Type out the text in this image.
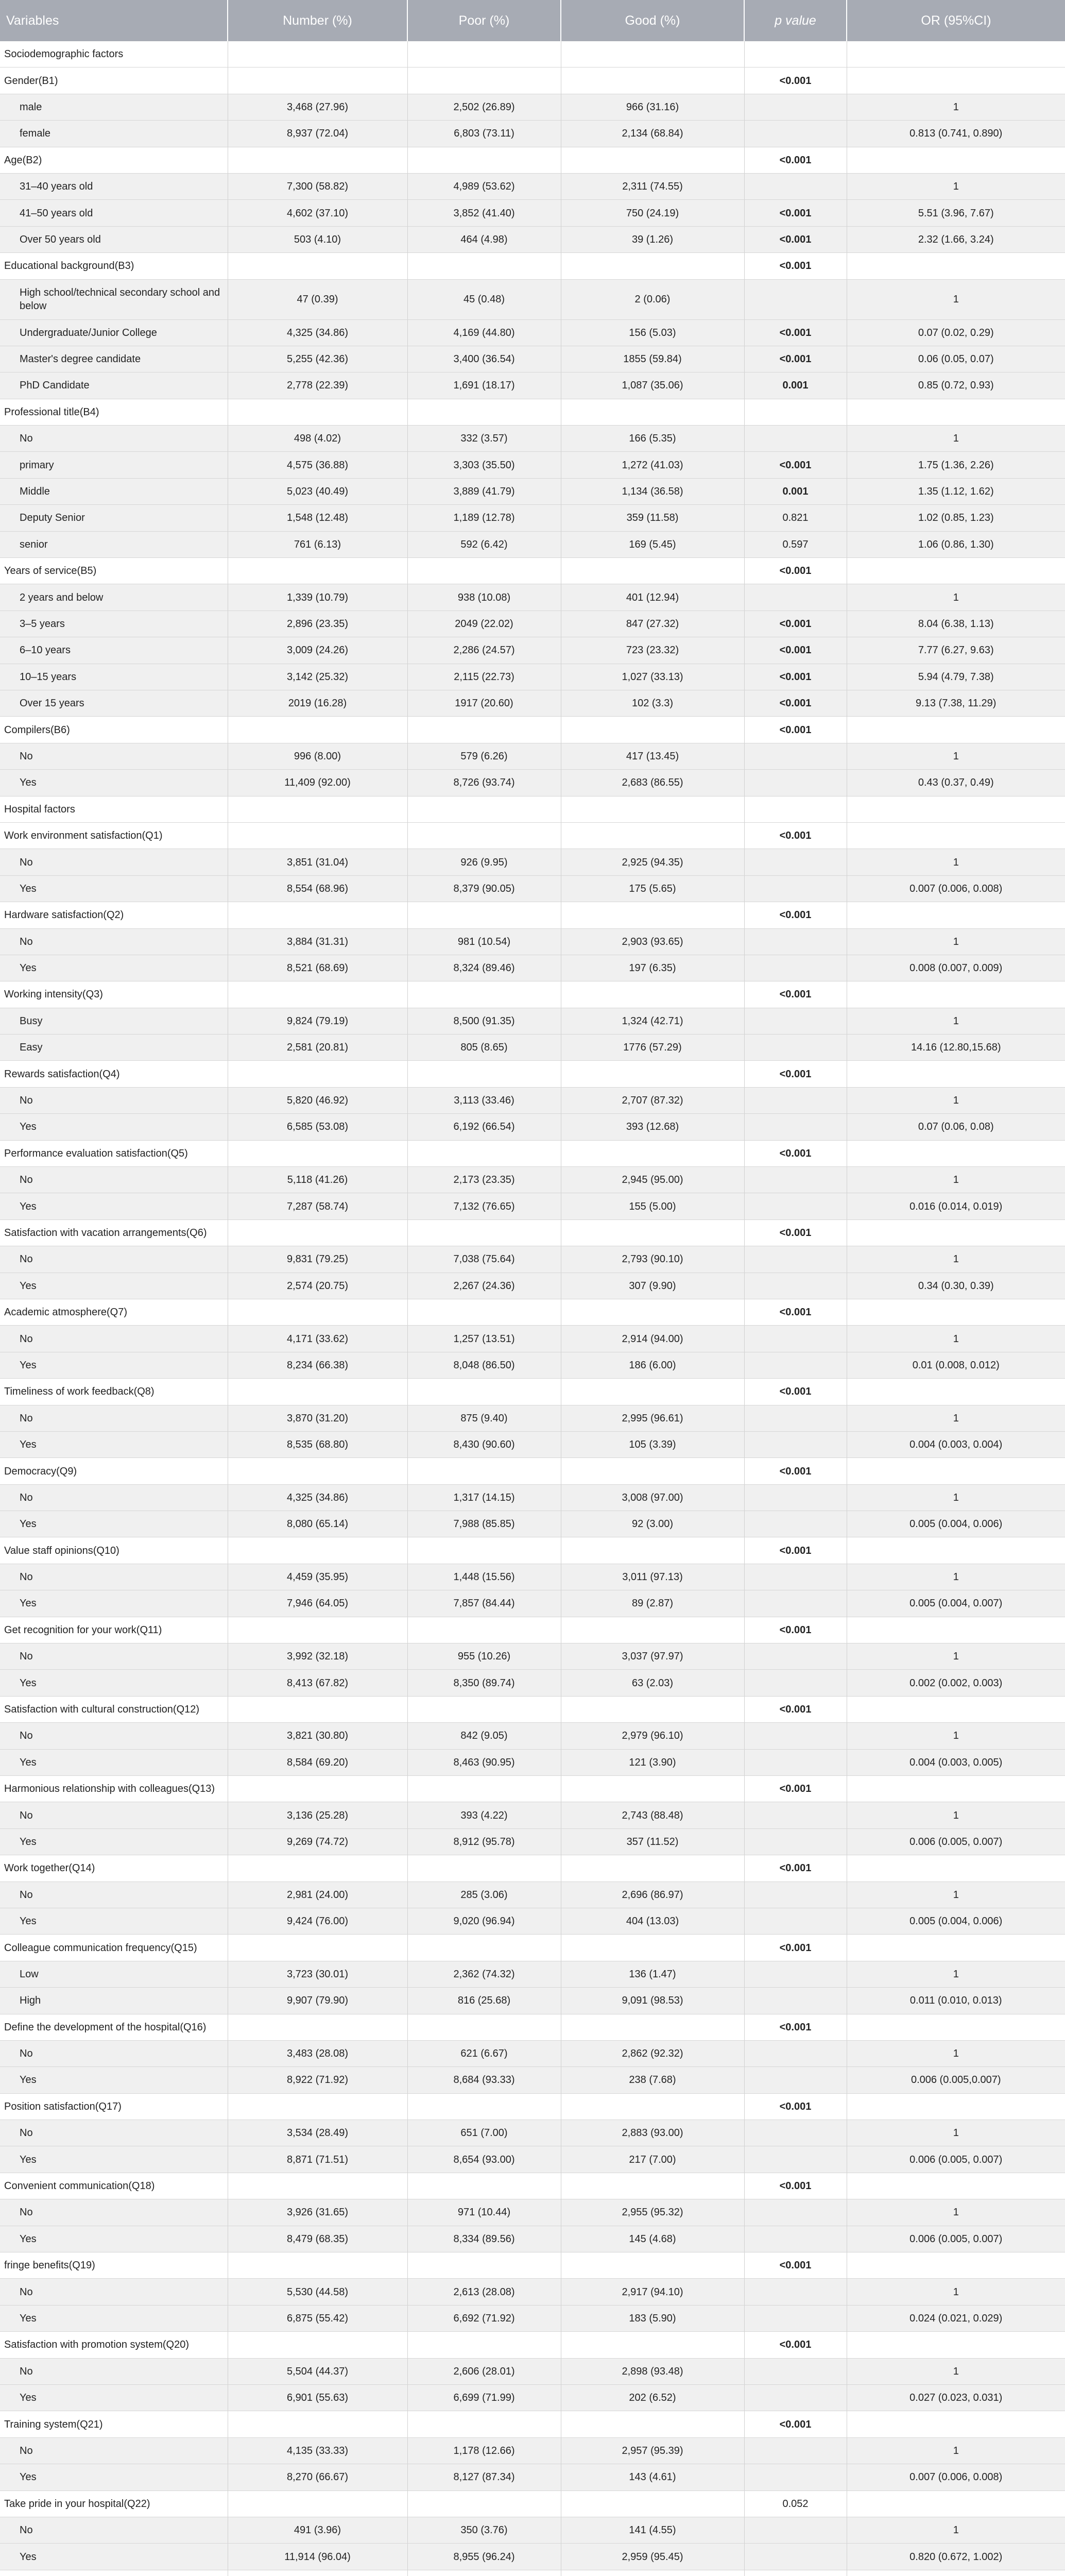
Variables	Number (%)	Poor (%)	Good (%)	p value	OR (95%CI)
Sociodemographic factors					
Gender(B1)				<0.001	
male	3,468 (27.96)	2,502 (26.89)	966 (31.16)		1
female	8,937 (72.04)	6,803 (73.11)	2,134 (68.84)		0.813 (0.741, 0.890)
Age(B2)				<0.001	
31–40 years old	7,300 (58.82)	4,989 (53.62)	2,311 (74.55)		1
41–50 years old	4,602 (37.10)	3,852 (41.40)	750 (24.19)	<0.001	5.51 (3.96, 7.67)
Over 50 years old	503 (4.10)	464 (4.98)	39 (1.26)	<0.001	2.32 (1.66, 3.24)
Educational background(B3)				<0.001	
High school/technical secondary school and below	47 (0.39)	45 (0.48)	2 (0.06)		1
Undergraduate/Junior College	4,325 (34.86)	4,169 (44.80)	156 (5.03)	<0.001	0.07 (0.02, 0.29)
Master's degree candidate	5,255 (42.36)	3,400 (36.54)	1855 (59.84)	<0.001	0.06 (0.05, 0.07)
PhD Candidate	2,778 (22.39)	1,691 (18.17)	1,087 (35.06)	0.001	0.85 (0.72, 0.93)
Professional title(B4)					
No	498 (4.02)	332 (3.57)	166 (5.35)		1
primary	4,575 (36.88)	3,303 (35.50)	1,272 (41.03)	<0.001	1.75 (1.36, 2.26)
Middle	5,023 (40.49)	3,889 (41.79)	1,134 (36.58)	0.001	1.35 (1.12, 1.62)
Deputy Senior	1,548 (12.48)	1,189 (12.78)	359 (11.58)	0.821	1.02 (0.85, 1.23)
senior	761 (6.13)	592 (6.42)	169 (5.45)	0.597	1.06 (0.86, 1.30)
Years of service(B5)				<0.001	
2 years and below	1,339 (10.79)	938 (10.08)	401 (12.94)		1
3–5 years	2,896 (23.35)	2049 (22.02)	847 (27.32)	<0.001	8.04 (6.38, 1.13)
6–10 years	3,009 (24.26)	2,286 (24.57)	723 (23.32)	<0.001	7.77 (6.27, 9.63)
10–15 years	3,142 (25.32)	2,115 (22.73)	1,027 (33.13)	<0.001	5.94 (4.79, 7.38)
Over 15 years	2019 (16.28)	1917 (20.60)	102 (3.3)	<0.001	9.13 (7.38, 11.29)
Compilers(B6)				<0.001	
No	996 (8.00)	579 (6.26)	417 (13.45)		1
Yes	11,409 (92.00)	8,726 (93.74)	2,683 (86.55)		0.43 (0.37, 0.49)
Hospital factors					
Work environment satisfaction(Q1)				<0.001	
No	3,851 (31.04)	926 (9.95)	2,925 (94.35)		1
Yes	8,554 (68.96)	8,379 (90.05)	175 (5.65)		0.007 (0.006, 0.008)
Hardware satisfaction(Q2)				<0.001	
No	3,884 (31.31)	981 (10.54)	2,903 (93.65)		1
Yes	8,521 (68.69)	8,324 (89.46)	197 (6.35)		0.008 (0.007, 0.009)
Working intensity(Q3)				<0.001	
Busy	9,824 (79.19)	8,500 (91.35)	1,324 (42.71)		1
Easy	2,581 (20.81)	805 (8.65)	1776 (57.29)		14.16 (12.80,15.68)
Rewards satisfaction(Q4)				<0.001	
No	5,820 (46.92)	3,113 (33.46)	2,707 (87.32)		1
Yes	6,585 (53.08)	6,192 (66.54)	393 (12.68)		0.07 (0.06, 0.08)
Performance evaluation satisfaction(Q5)				<0.001	
No	5,118 (41.26)	2,173 (23.35)	2,945 (95.00)		1
Yes	7,287 (58.74)	7,132 (76.65)	155 (5.00)		0.016 (0.014, 0.019)
Satisfaction with vacation arrangements(Q6)				<0.001	
No	9,831 (79.25)	7,038 (75.64)	2,793 (90.10)		1
Yes	2,574 (20.75)	2,267 (24.36)	307 (9.90)		0.34 (0.30, 0.39)
Academic atmosphere(Q7)				<0.001	
No	4,171 (33.62)	1,257 (13.51)	2,914 (94.00)		1
Yes	8,234 (66.38)	8,048 (86.50)	186 (6.00)		0.01 (0.008, 0.012)
Timeliness of work feedback(Q8)				<0.001	
No	3,870 (31.20)	875 (9.40)	2,995 (96.61)		1
Yes	8,535 (68.80)	8,430 (90.60)	105 (3.39)		0.004 (0.003, 0.004)
Democracy(Q9)				<0.001	
No	4,325 (34.86)	1,317 (14.15)	3,008 (97.00)		1
Yes	8,080 (65.14)	7,988 (85.85)	92 (3.00)		0.005 (0.004, 0.006)
Value staff opinions(Q10)				<0.001	
No	4,459 (35.95)	1,448 (15.56)	3,011 (97.13)		1
Yes	7,946 (64.05)	7,857 (84.44)	89 (2.87)		0.005 (0.004, 0.007)
Get recognition for your work(Q11)				<0.001	
No	3,992 (32.18)	955 (10.26)	3,037 (97.97)		1
Yes	8,413 (67.82)	8,350 (89.74)	63 (2.03)		0.002 (0.002, 0.003)
Satisfaction with cultural construction(Q12)				<0.001	
No	3,821 (30.80)	842 (9.05)	2,979 (96.10)		1
Yes	8,584 (69.20)	8,463 (90.95)	121 (3.90)		0.004 (0.003, 0.005)
Harmonious relationship with colleagues(Q13)				<0.001	
No	3,136 (25.28)	393 (4.22)	2,743 (88.48)		1
Yes	9,269 (74.72)	8,912 (95.78)	357 (11.52)		0.006 (0.005, 0.007)
Work together(Q14)				<0.001	
No	2,981 (24.00)	285 (3.06)	2,696 (86.97)		1
Yes	9,424 (76.00)	9,020 (96.94)	404 (13.03)		0.005 (0.004, 0.006)
Colleague communication frequency(Q15)				<0.001	
Low	3,723 (30.01)	2,362 (74.32)	136 (1.47)		1
High	9,907 (79.90)	816 (25.68)	9,091 (98.53)		0.011 (0.010, 0.013)
Define the development of the hospital(Q16)				<0.001	
No	3,483 (28.08)	621 (6.67)	2,862 (92.32)		1
Yes	8,922 (71.92)	8,684 (93.33)	238 (7.68)		0.006 (0.005,0.007)
Position satisfaction(Q17)				<0.001	
No	3,534 (28.49)	651 (7.00)	2,883 (93.00)		1
Yes	8,871 (71.51)	8,654 (93.00)	217 (7.00)		0.006 (0.005, 0.007)
Convenient communication(Q18)				<0.001	
No	3,926 (31.65)	971 (10.44)	2,955 (95.32)		1
Yes	8,479 (68.35)	8,334 (89.56)	145 (4.68)		0.006 (0.005, 0.007)
fringe benefits(Q19)				<0.001	
No	5,530 (44.58)	2,613 (28.08)	2,917 (94.10)		1
Yes	6,875 (55.42)	6,692 (71.92)	183 (5.90)		0.024 (0.021, 0.029)
Satisfaction with promotion system(Q20)				<0.001	
No	5,504 (44.37)	2,606 (28.01)	2,898 (93.48)		1
Yes	6,901 (55.63)	6,699 (71.99)	202 (6.52)		0.027 (0.023, 0.031)
Training system(Q21)				<0.001	
No	4,135 (33.33)	1,178 (12.66)	2,957 (95.39)		1
Yes	8,270 (66.67)	8,127 (87.34)	143 (4.61)		0.007 (0.006, 0.008)
Take pride in your hospital(Q22)				0.052	
No	491 (3.96)	350 (3.76)	141 (4.55)		1
Yes	11,914 (96.04)	8,955 (96.24)	2,959 (95.45)		0.820 (0.672, 1.002)
